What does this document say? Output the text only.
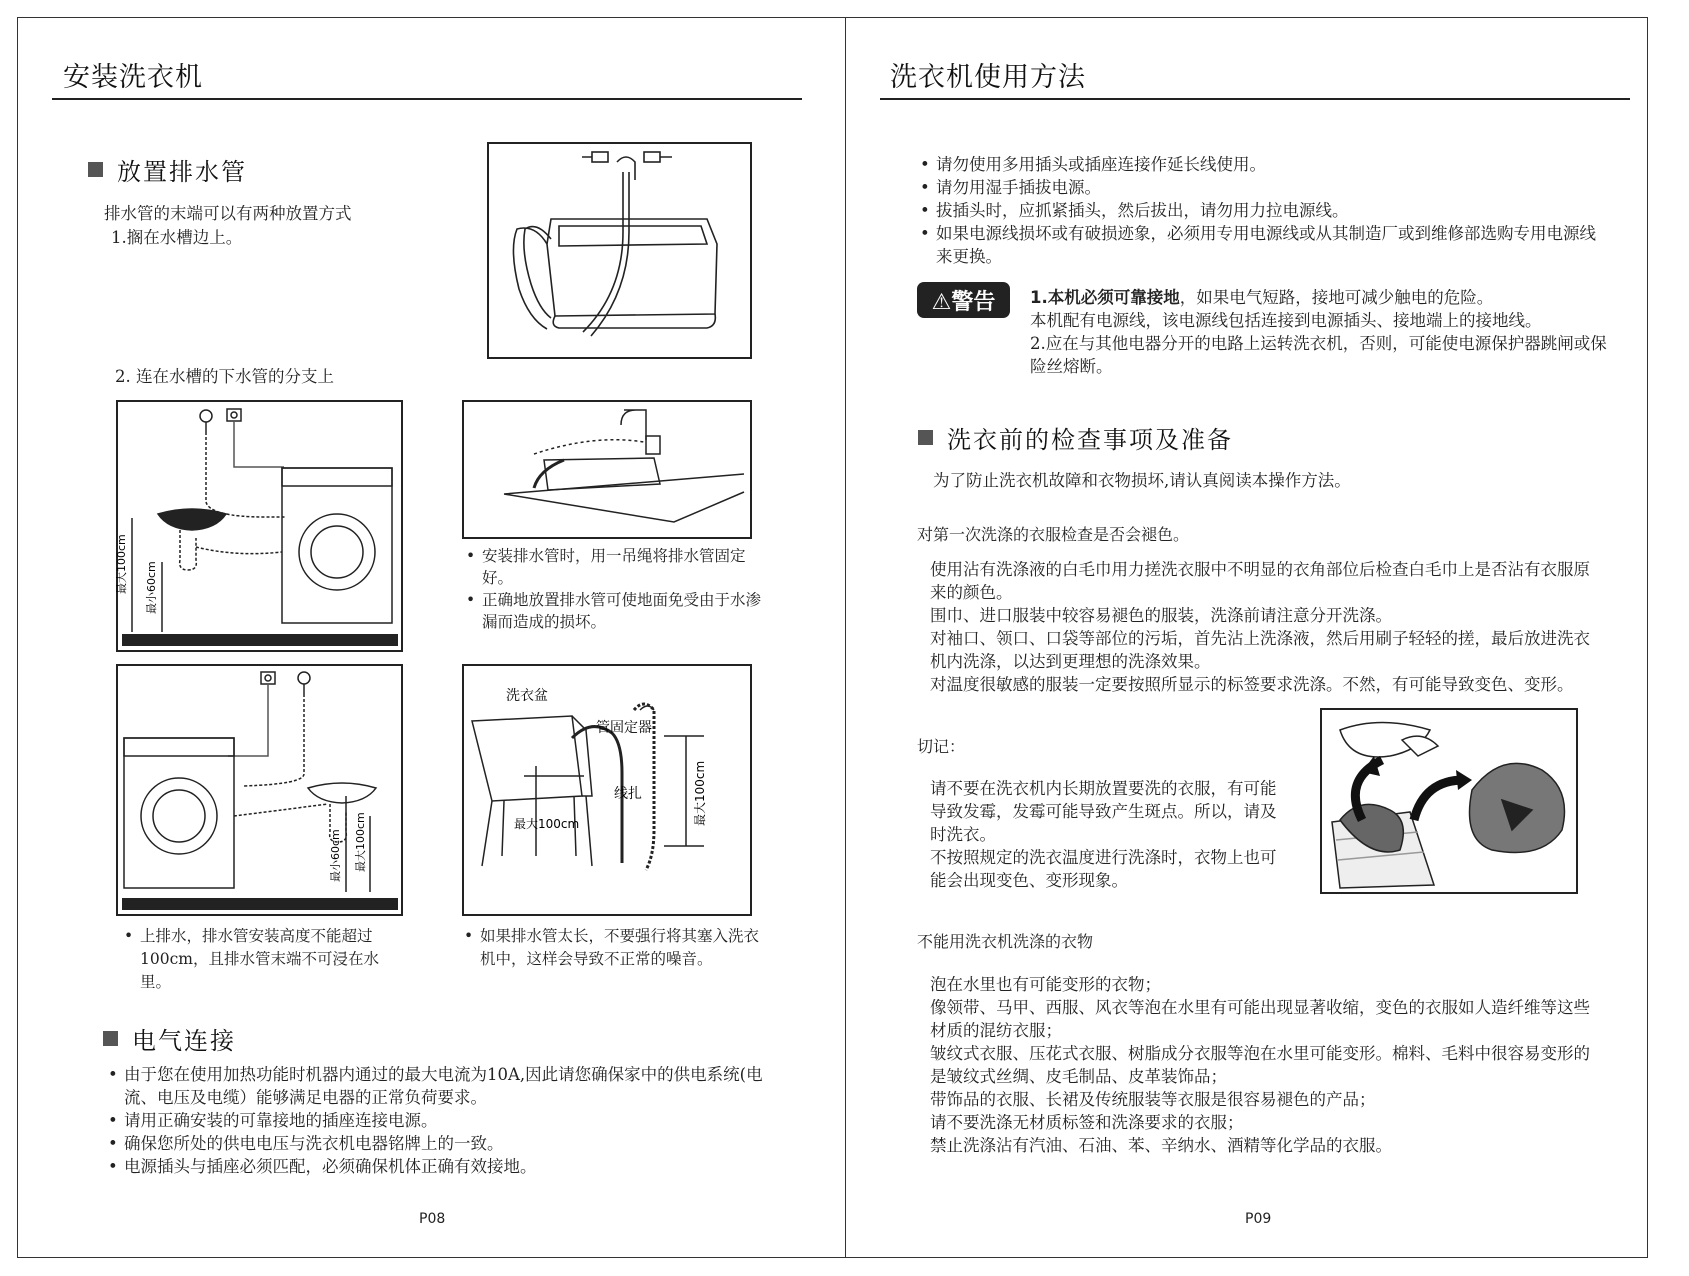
安装洗衣机
放置排水管
排水管的末端可以有两种放置方式
1.搁在水槽边上。
2. 连在水槽的下水管的分支上
最大100cm 最小60cm
• 安装排水管时，用一吊绳将排水管固定好。
• 正确地放置排水管可使地面免受由于水渗漏而造成的损坏。
最小60cm 最大100cm
洗衣盆
管固定器
线扎
最大100cm	最大100cm
• 上排水，排水管安装高度不能超过100cm，且排水管末端不可浸在水里。
• 如果排水管太长，不要强行将其塞入洗衣机中，这样会导致不正常的噪音。
电气连接
• 由于您在使用加热功能时机器内通过的最大电流为10A,因此请您确保家中的供电系统(电流、电压及电缆）能够满足电器的正常负荷要求。
• 请用正确安装的可靠接地的插座连接电源。
• 确保您所处的供电电压与洗衣机电器铭牌上的一致。
• 电源插头与插座必须匹配，必须确保机体正确有效接地。
P08
洗衣机使用方法
• 请勿使用多用插头或插座连接作延长线使用。
• 请勿用湿手插拔电源。
• 拔插头时，应抓紧插头，然后拔出，请勿用力拉电源线。
• 如果电源线损坏或有破损迹象，必须用专用电源线或从其制造厂或到维修部选购专用电源线来更换。
⚠警告	1.本机必须可靠接地，如果电气短路，接地可减少触电的危险。
本机配有电源线，该电源线包括连接到电源插头、接地端上的接地线。
2.应在与其他电器分开的电路上运转洗衣机，否则，可能使电源保护器跳闸或保险丝熔断。
洗衣前的检查事项及准备
为了防止洗衣机故障和衣物损坏,请认真阅读本操作方法。
对第一次洗涤的衣服检查是否会褪色。
使用沾有洗涤液的白毛巾用力搓洗衣服中不明显的衣角部位后检查白毛巾上是否沾有衣服原来的颜色。
围巾、进口服装中较容易褪色的服装，洗涤前请注意分开洗涤。
对袖口、领口、口袋等部位的污垢，首先沾上洗涤液，然后用刷子轻轻的搓，最后放进洗衣机内洗涤，以达到更理想的洗涤效果。
对温度很敏感的服装一定要按照所显示的标签要求洗涤。不然，有可能导致变色、变形。
切记：
请不要在洗衣机内长期放置要洗的衣服，有可能导致发霉，发霉可能导致产生斑点。所以，请及时洗衣。
不按照规定的洗衣温度进行洗涤时，衣物上也可能会出现变色、变形现象。
不能用洗衣机洗涤的衣物
泡在水里也有可能变形的衣物；
像领带、马甲、西服、风衣等泡在水里有可能出现显著收缩，变色的衣服如人造纤维等这些材质的混纺衣服；
皱纹式衣服、压花式衣服、树脂成分衣服等泡在水里可能变形。棉料、毛料中很容易变形的是皱纹式丝绸、皮毛制品、皮革装饰品；
带饰品的衣服、长裙及传统服装等衣服是很容易褪色的产品；
请不要洗涤无材质标签和洗涤要求的衣服；
禁止洗涤沾有汽油、石油、苯、辛纳水、酒精等化学品的衣服。
P09
